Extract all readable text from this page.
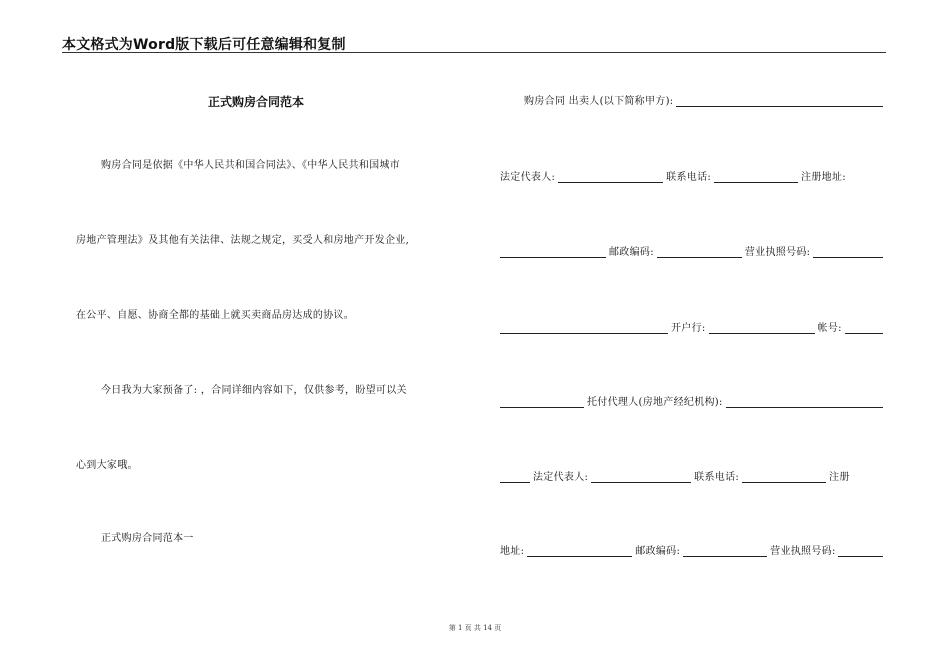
本文格式为Word版下载后可任意编辑和复制
正式购房合同范本
购房合同是依据《中华人民共和国合同法》、《中华人民共和国城市
房地产管理法》及其他有关法律、法规之规定，买受人和房地产开发企业,
在公平、自愿、协商全都的基础上就买卖商品房达成的协议。
今日我为大家预备了: ，合同详细内容如下，仅供参考，盼望可以关
心到大家哦。
正式购房合同范本一
购房合同 出卖人(以下简称甲方):
法定代表人:	联系电话:	注册地址:
邮政编码:	营业执照号码:
开户行:	帐号:
托付代理人(房地产经纪机构):
法定代表人:	联系电话:	注册
地址:	邮政编码:	营业执照号码:
第 1 页 共 14 页
